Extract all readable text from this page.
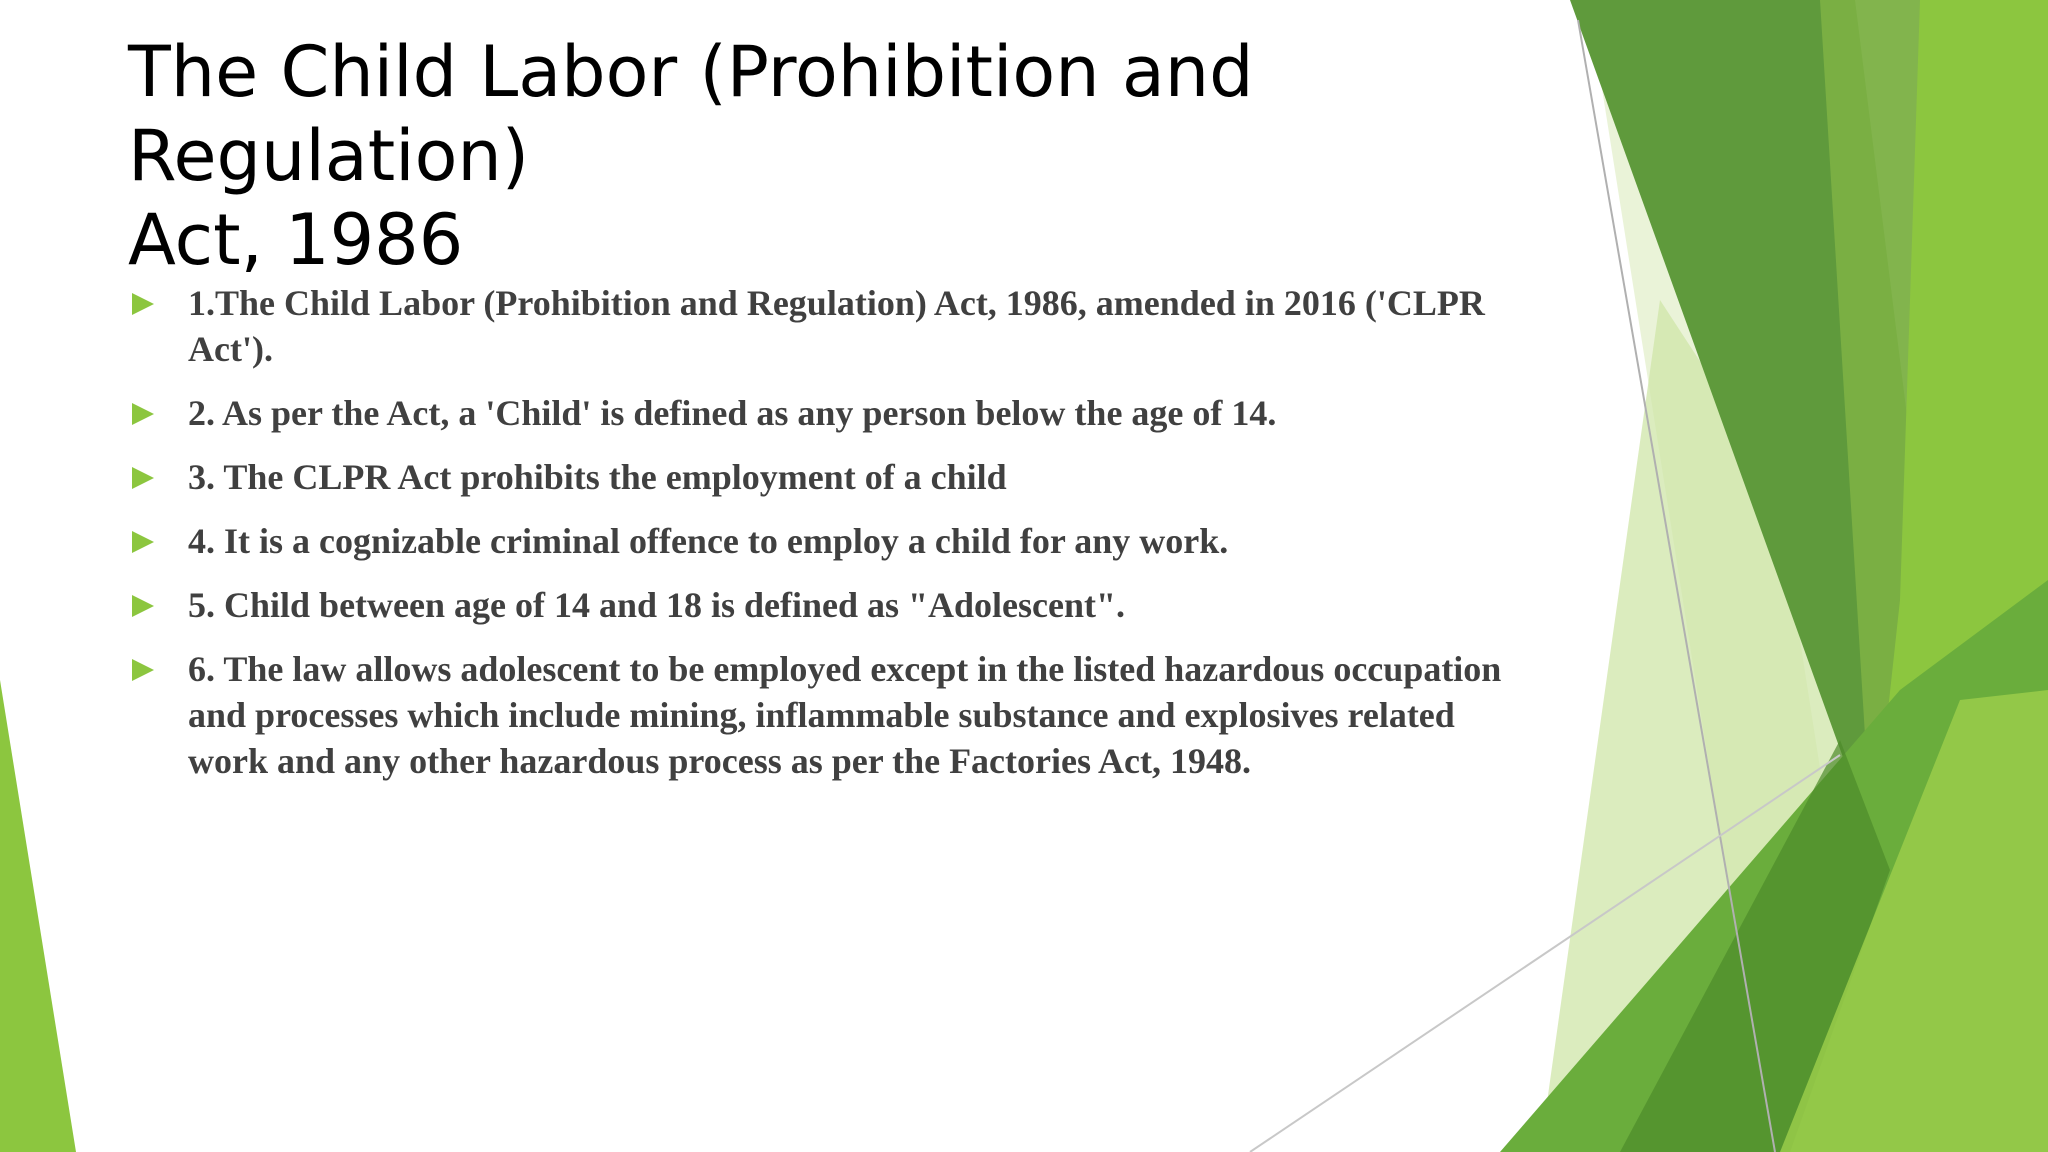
The Child Labor (Prohibition and Regulation)
Act, 1986
1.The Child Labor (Prohibition and Regulation) Act, 1986, amended in 2016 ('CLPR Act').
2. As per the Act, a 'Child' is defined as any person below the age of 14.
3. The CLPR Act prohibits the employment of a child
4. It is a cognizable criminal offence to employ a child for any work.
5. Child between age of 14 and 18 is defined as "Adolescent".
6. The law allows adolescent to be employed except in the listed hazardous occupation and processes which include mining, inflammable substance and explosives related work and any other hazardous process as per the Factories Act, 1948.
